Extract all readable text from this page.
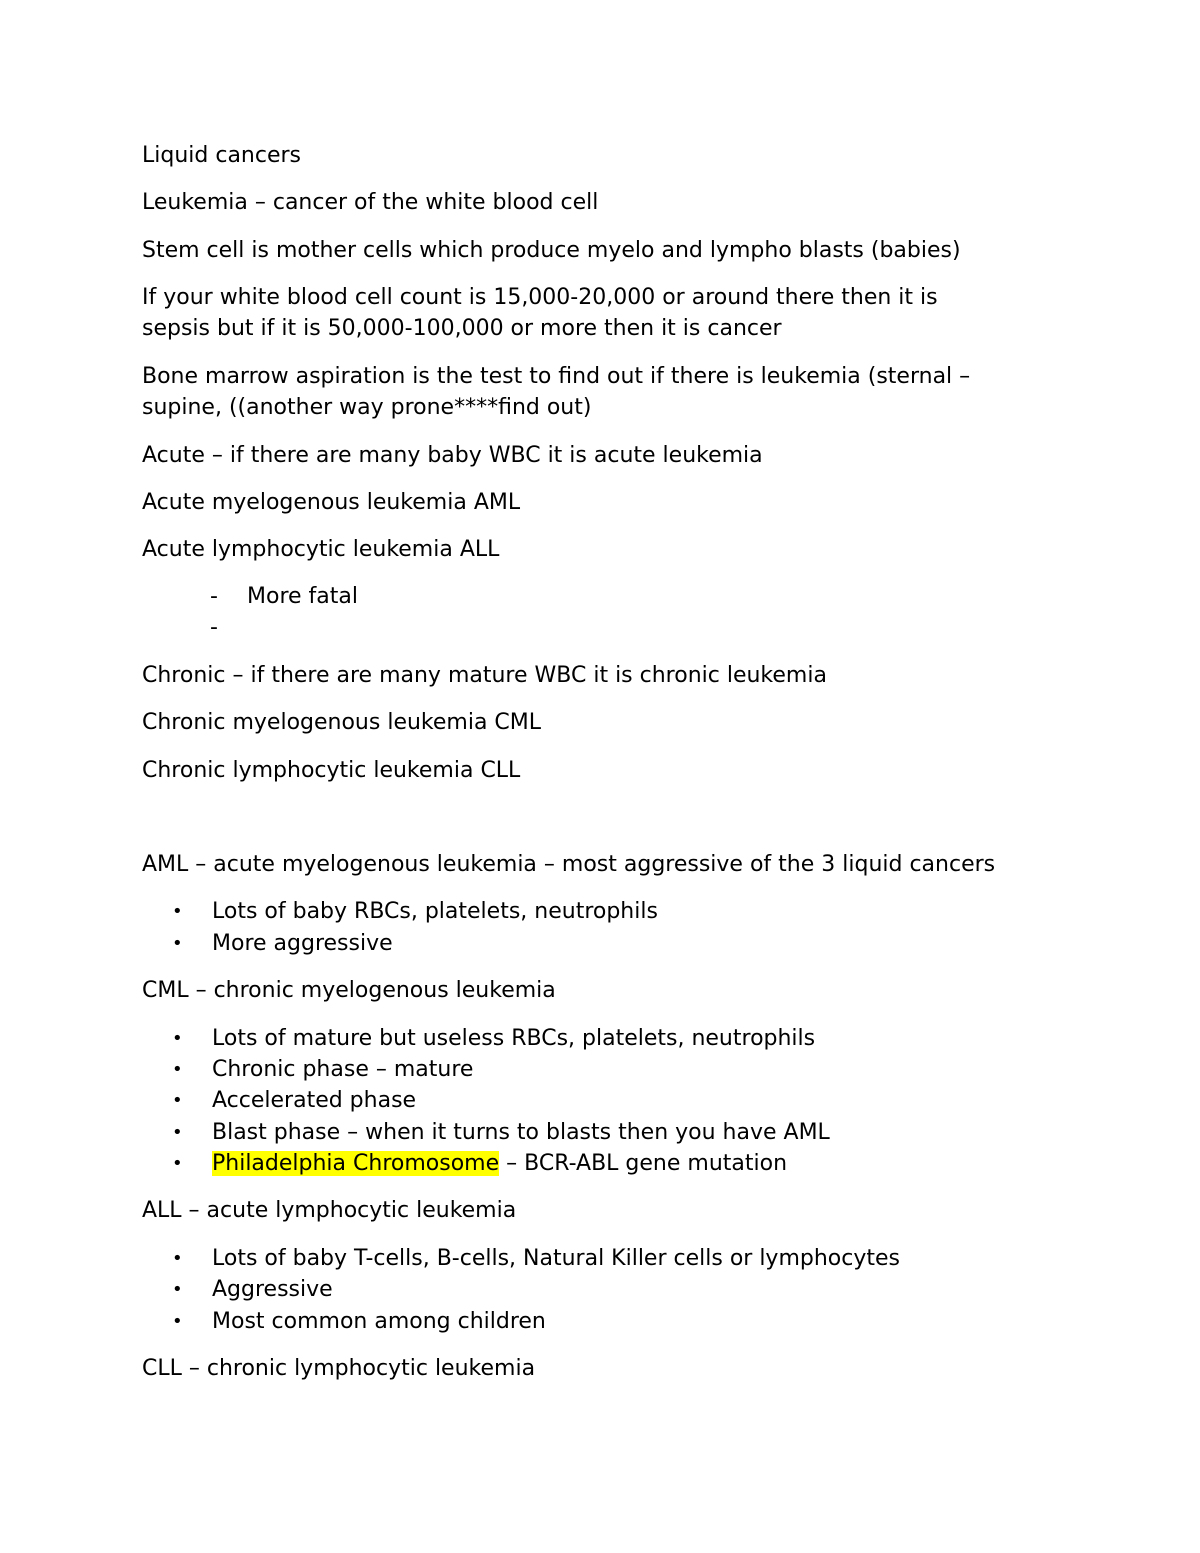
Liquid cancers
Leukemia – cancer of the white blood cell
Stem cell is mother cells which produce myelo and lympho blasts (babies)
If your white blood cell count is 15,000-20,000 or around there then it is
sepsis but if it is 50,000-100,000 or more then it is cancer
Bone marrow aspiration is the test to find out if there is leukemia (sternal –
supine, ((another way prone****find out)
Acute – if there are many baby WBC it is acute leukemia
Acute myelogenous leukemia AML
Acute lymphocytic leukemia ALL
- More fatal
-
Chronic – if there are many mature WBC it is chronic leukemia
Chronic myelogenous leukemia CML
Chronic lymphocytic leukemia CLL
AML – acute myelogenous leukemia – most aggressive of the 3 liquid cancers
• Lots of baby RBCs, platelets, neutrophils
• More aggressive
CML – chronic myelogenous leukemia
• Lots of mature but useless RBCs, platelets, neutrophils
• Chronic phase – mature
• Accelerated phase
• Blast phase – when it turns to blasts then you have AML
• Philadelphia Chromosome – BCR-ABL gene mutation
ALL – acute lymphocytic leukemia
• Lots of baby T-cells, B-cells, Natural Killer cells or lymphocytes
• Aggressive
• Most common among children
CLL – chronic lymphocytic leukemia
